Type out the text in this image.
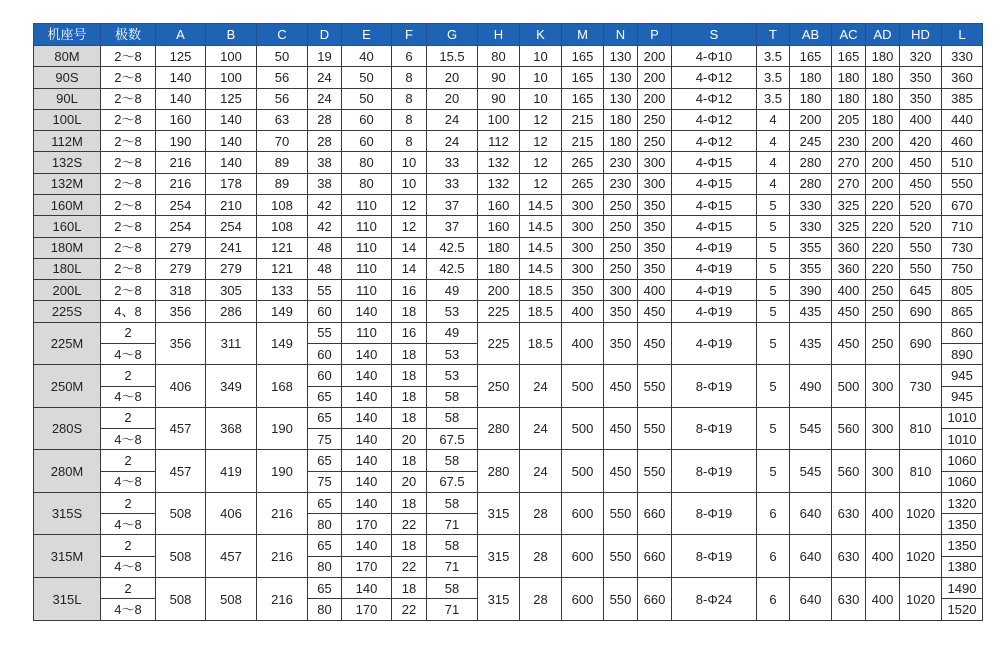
机座号	极数	A	B	C	D	E	F	G	H	K	M	N	P	S	T	AB	AC	AD	HD	L
80M	2～8	125	100	50	19	40	6	15.5	80	10	165	130	200	4-Φ10	3.5	165	165	180	320	330
90S	2～8	140	100	56	24	50	8	20	90	10	165	130	200	4-Φ12	3.5	180	180	180	350	360
90L	2～8	140	125	56	24	50	8	20	90	10	165	130	200	4-Φ12	3.5	180	180	180	350	385
100L	2～8	160	140	63	28	60	8	24	100	12	215	180	250	4-Φ12	4	200	205	180	400	440
112M	2～8	190	140	70	28	60	8	24	112	12	215	180	250	4-Φ12	4	245	230	200	420	460
132S	2～8	216	140	89	38	80	10	33	132	12	265	230	300	4-Φ15	4	280	270	200	450	510
132M	2～8	216	178	89	38	80	10	33	132	12	265	230	300	4-Φ15	4	280	270	200	450	550
160M	2～8	254	210	108	42	110	12	37	160	14.5	300	250	350	4-Φ15	5	330	325	220	520	670
160L	2～8	254	254	108	42	110	12	37	160	14.5	300	250	350	4-Φ15	5	330	325	220	520	710
180M	2～8	279	241	121	48	110	14	42.5	180	14.5	300	250	350	4-Φ19	5	355	360	220	550	730
180L	2～8	279	279	121	48	110	14	42.5	180	14.5	300	250	350	4-Φ19	5	355	360	220	550	750
200L	2～8	318	305	133	55	110	16	49	200	18.5	350	300	400	4-Φ19	5	390	400	250	645	805
225S	4、8	356	286	149	60	140	18	53	225	18.5	400	350	450	4-Φ19	5	435	450	250	690	865
225M	2	356	311	149	55	110	16	49	225	18.5	400	350	450	4-Φ19	5	435	450	250	690	860
	4～8				60	140	18	53												890
250M	2	406	349	168	60	140	18	53	250	24	500	450	550	8-Φ19	5	490	500	300	730	945
	4～8				65	140	18	58												945
280S	2	457	368	190	65	140	18	58	280	24	500	450	550	8-Φ19	5	545	560	300	810	1010
	4～8				75	140	20	67.5												1010
280M	2	457	419	190	65	140	18	58	280	24	500	450	550	8-Φ19	5	545	560	300	810	1060
	4～8				75	140	20	67.5												1060
315S	2	508	406	216	65	140	18	58	315	28	600	550	660	8-Φ19	6	640	630	400	1020	1320
	4～8				80	170	22	71												1350
315M	2	508	457	216	65	140	18	58	315	28	600	550	660	8-Φ19	6	640	630	400	1020	1350
	4～8				80	170	22	71												1380
315L	2	508	508	216	65	140	18	58	315	28	600	550	660	8-Φ24	6	640	630	400	1020	1490
	4～8				80	170	22	71												1520
